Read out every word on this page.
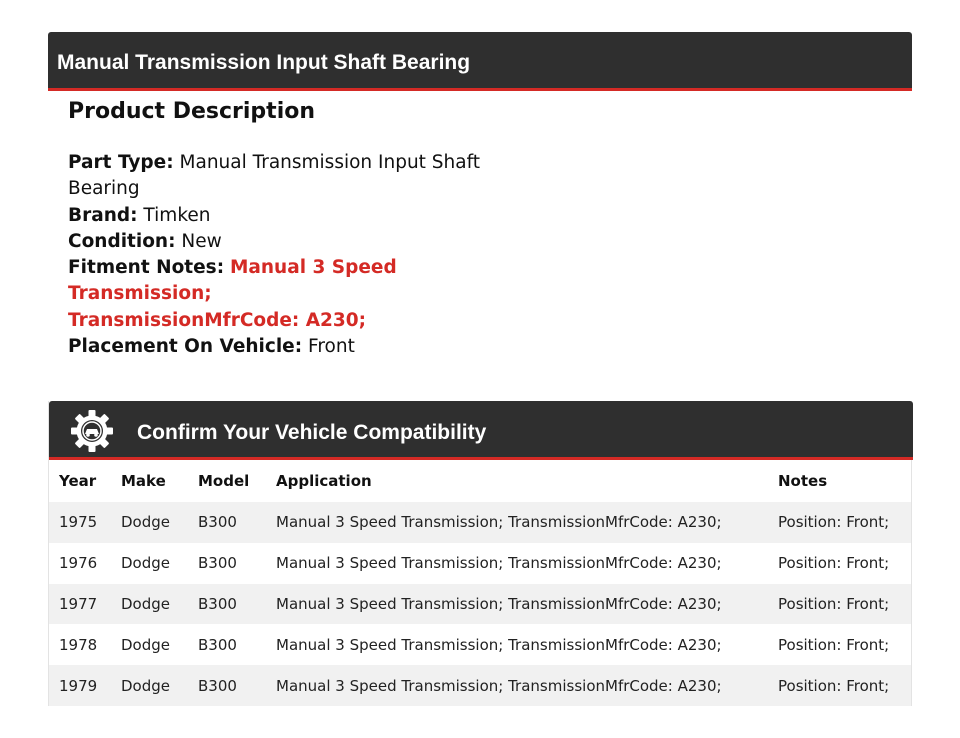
Manual Transmission Input Shaft Bearing
Product Description
Part Type: Manual Transmission Input Shaft Bearing
Brand: Timken
Condition: New
Fitment Notes: Manual 3 Speed Transmission; TransmissionMfrCode: A230;
Placement On Vehicle: Front
Confirm Your Vehicle Compatibility
Year	Make	Model	Application	Notes
1975	Dodge	B300	Manual 3 Speed Transmission; TransmissionMfrCode: A230;	Position: Front;
1976	Dodge	B300	Manual 3 Speed Transmission; TransmissionMfrCode: A230;	Position: Front;
1977	Dodge	B300	Manual 3 Speed Transmission; TransmissionMfrCode: A230;	Position: Front;
1978	Dodge	B300	Manual 3 Speed Transmission; TransmissionMfrCode: A230;	Position: Front;
1979	Dodge	B300	Manual 3 Speed Transmission; TransmissionMfrCode: A230;	Position: Front;
